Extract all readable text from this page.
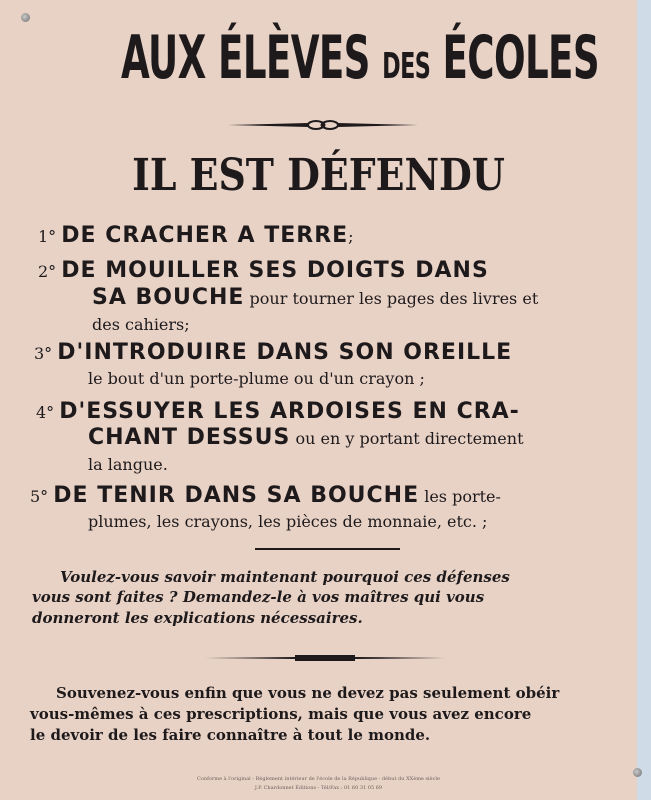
AUX ÉLÈVES DES ÉCOLES
IL EST DÉFENDU
1° DE CRACHER A TERRE;
2° DE MOUILLER SES DOIGTS DANS
SA BOUCHE pour tourner les pages des livres et
des cahiers;
3° D'INTRODUIRE DANS SON OREILLE
le bout d'un porte-plume ou d'un crayon ;
4° D'ESSUYER LES ARDOISES EN CRA-
CHANT DESSUS ou en y portant directement
la langue.
5° DE TENIR DANS SA BOUCHE les porte-
plumes, les crayons, les pièces de monnaie, etc. ;
Voulez-vous savoir maintenant pourquoi ces défenses
vous sont faites ? Demandez-le à vos maîtres qui vous
donneront les explications nécessaires.
Souvenez-vous enfin que vous ne devez pas seulement obéir
vous-mêmes à ces prescriptions, mais que vous avez encore
le devoir de les faire connaître à tout le monde.
Conforme à l'original - Règlement intérieur de l'école de la République - début du XXème siècle
J.P. Chardonnet Éditions - Tél/Fax : 01 60 31 05 69
